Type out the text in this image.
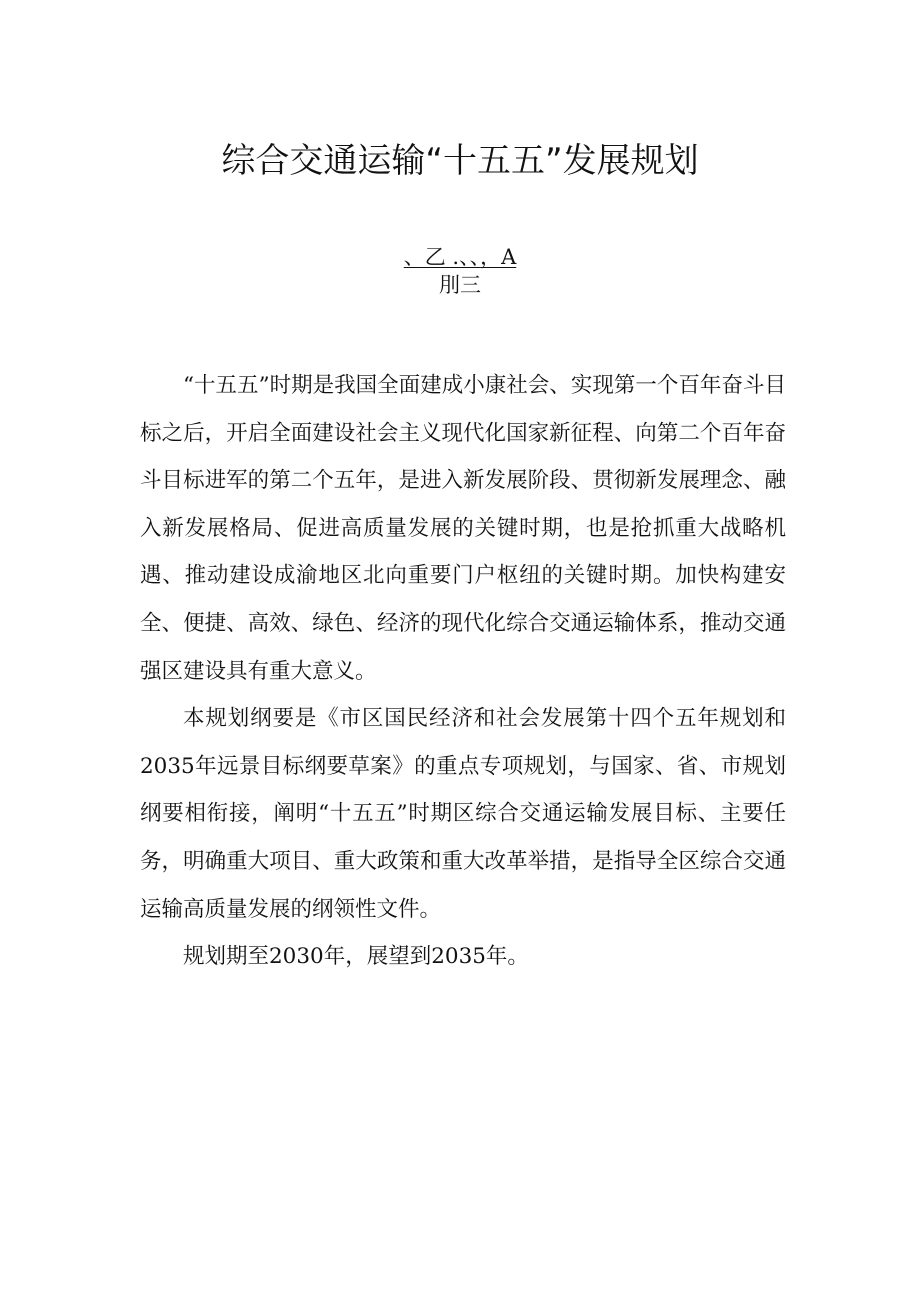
综合交通运输“十五五”发展规划
、乙 .、、，A
刖三

“十五五”时期是我国全面建成小康社会、实现第一个百年奋斗目标之后，开启全面建设社会主义现代化国家新征程、向第二个百年奋斗目标进军的第二个五年，是进入新发展阶段、贯彻新发展理念、融入新发展格局、促进高质量发展的关键时期，也是抢抓重大战略机遇、推动建设成渝地区北向重要门户枢纽的关键时期。加快构建安全、便捷、高效、绿色、经济的现代化综合交通运输体系，推动交通强区建设具有重大意义。

本规划纲要是《市区国民经济和社会发展第十四个五年规划和2035年远景目标纲要草案》的重点专项规划，与国家、省、市规划纲要相衔接，阐明“十五五”时期区综合交通运输发展目标、主要任务，明确重大项目、重大政策和重大改革举措，是指导全区综合交通运输高质量发展的纲领性文件。

规划期至2030年，展望到2035年。
